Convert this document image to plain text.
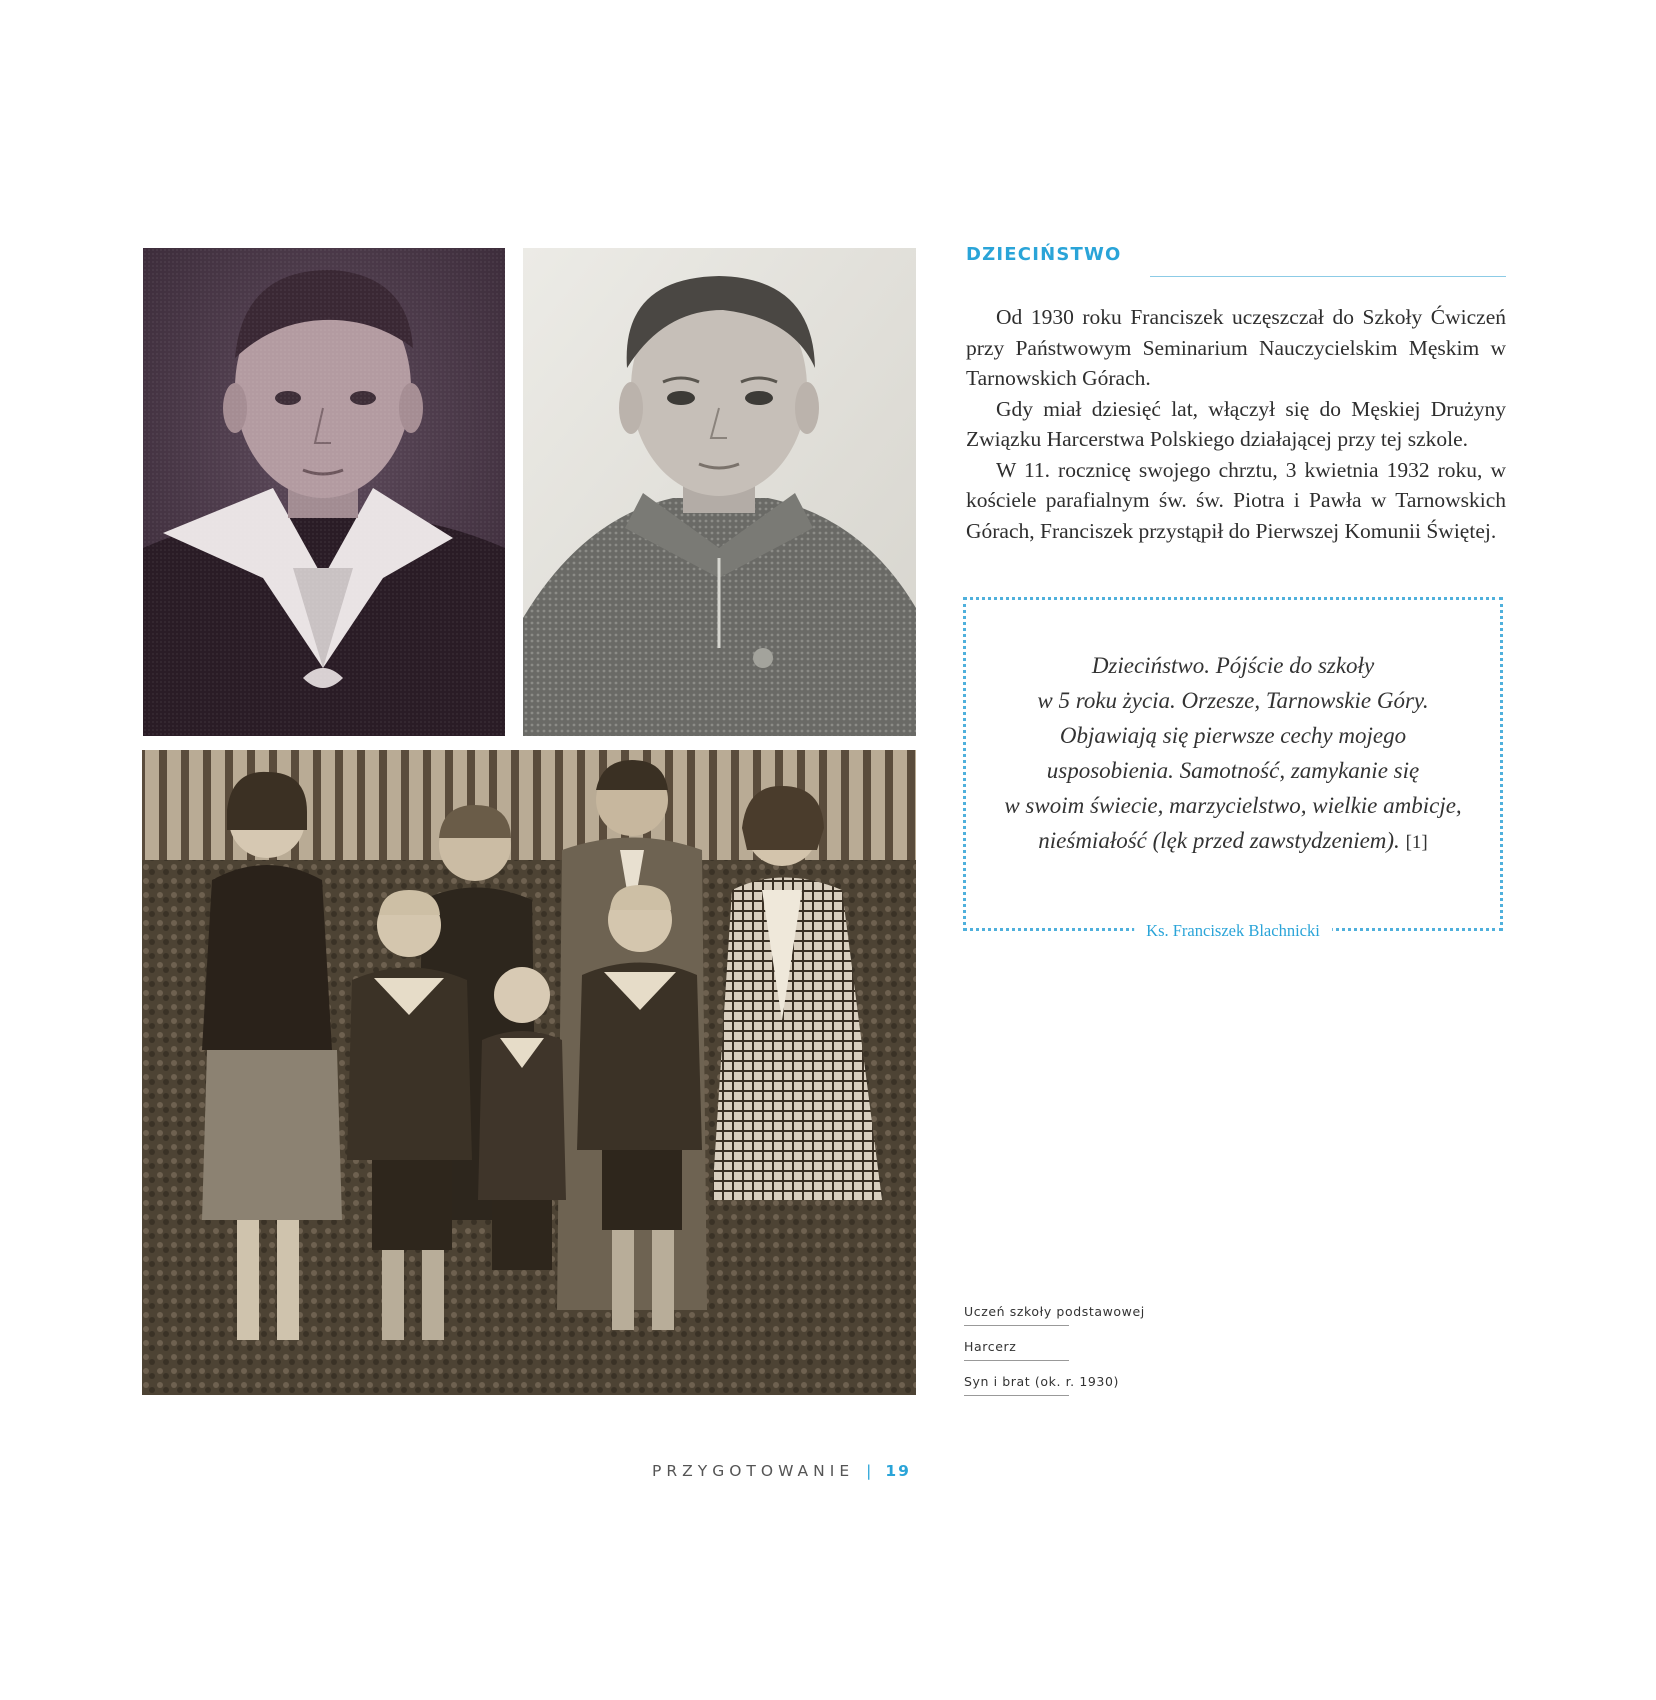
DZIECIŃSTWO

Od 1930 roku Franciszek uczęszczał do Szkoły Ćwiczeń przy Państwowym Seminarium Nauczycielskim Męskim w Tarnowskich Górach.

Gdy miał dziesięć lat, włączył się do Męskiej Drużyny Związku Harcerstwa Polskiego działającej przy tej szkole.

W 11. rocznicę swojego chrztu, 3 kwietnia 1932 roku, w kościele parafialnym św. św. Piotra i Pawła w Tarnowskich Górach, Franciszek przystąpił do Pierwszej Komunii Świętej.

Dzieciństwo. Pójście do szkoły
w 5 roku życia. Orzesze, Tarnowskie Góry.
Objawiają się pierwsze cechy mojego
usposobienia. Samotność, zamykanie się
w swoim świecie, marzycielstwo, wielkie ambicje,
nieśmiałość (lęk przed zawstydzeniem). [1]
Ks. Franciszek Blachnicki
Uczeń szkoły podstawowej
Harcerz
Syn i brat (ok. r. 1930)
PRZYGOTOWANIE | 19
